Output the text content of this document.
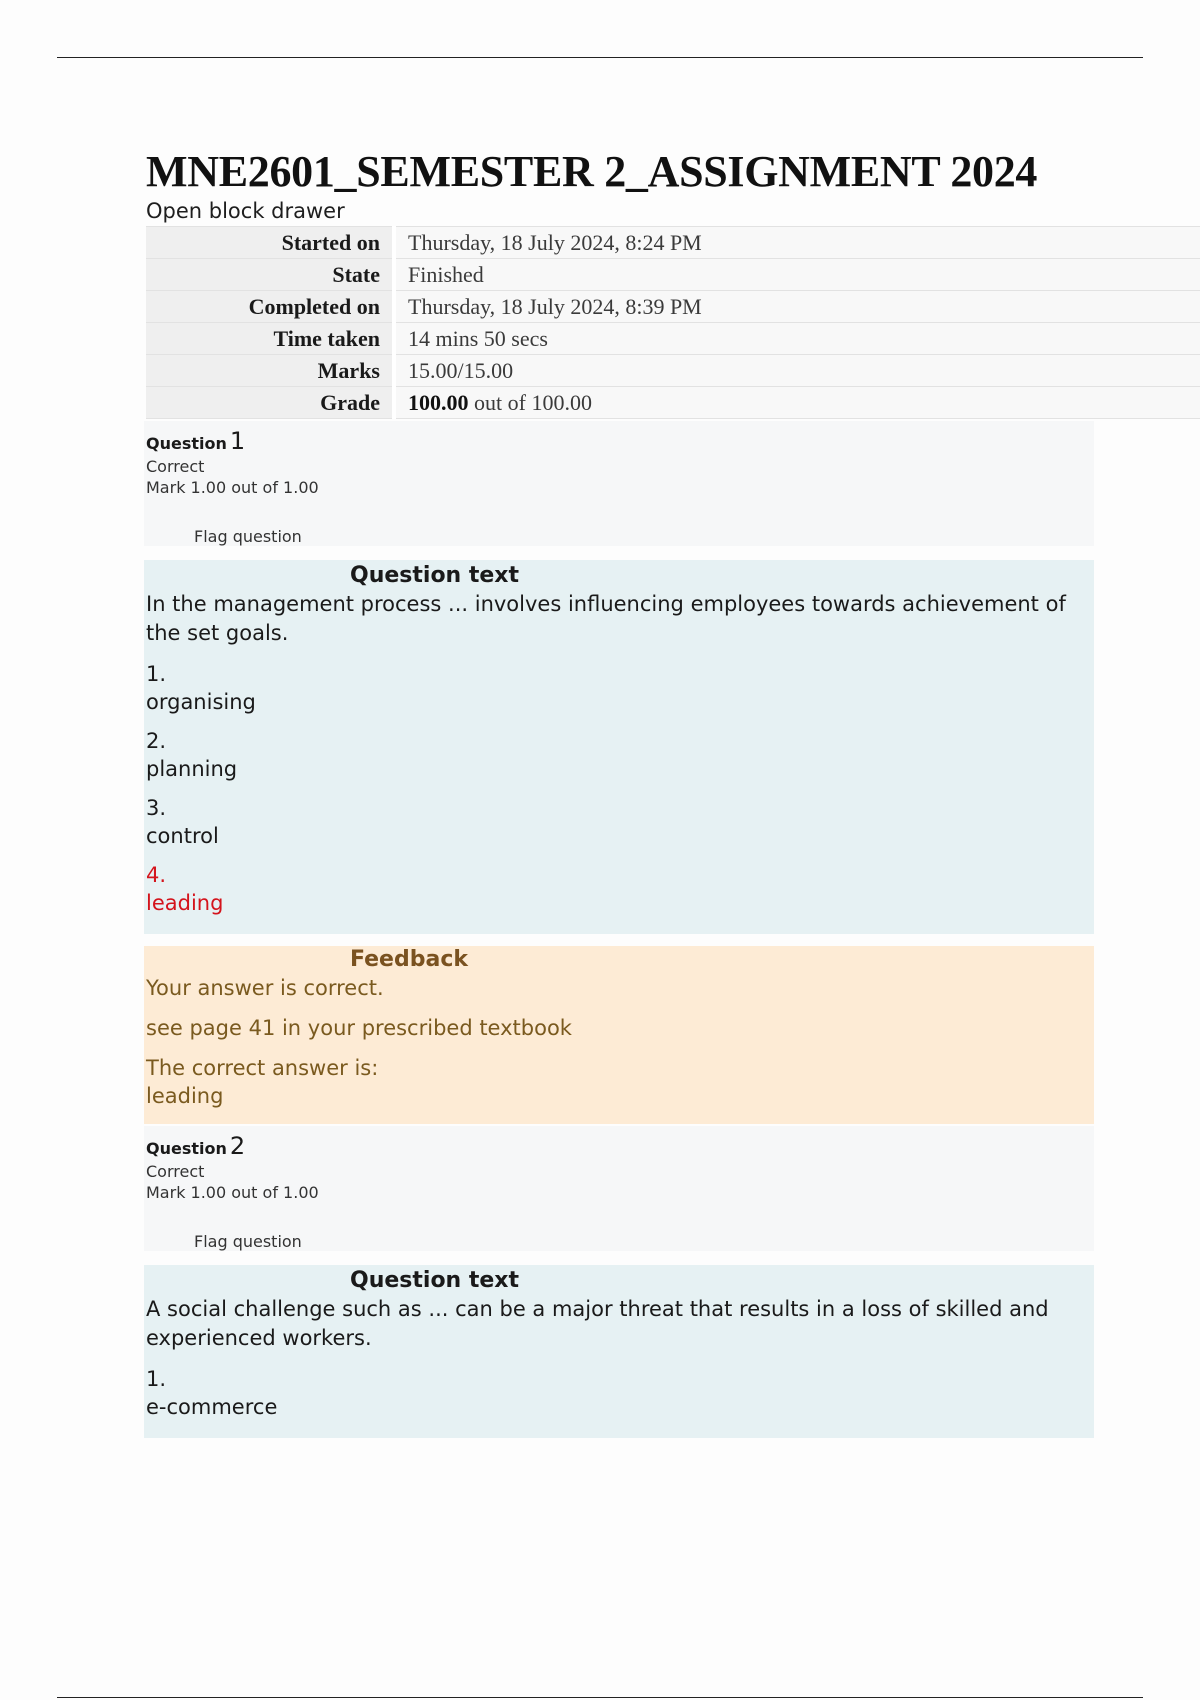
MNE2601_SEMESTER 2_ASSIGNMENT 2024
Open block drawer
Started on	Thursday, 18 July 2024, 8:24 PM
State	Finished
Completed on	Thursday, 18 July 2024, 8:39 PM
Time taken	14 mins 50 secs
Marks	15.00/15.00
Grade	100.00 out of 100.00
Question 1
Correct
Mark 1.00 out of 1.00
Flag question
Question text
In the management process ... involves influencing employees towards achievement of the set goals.
1.
organising
2.
planning
3.
control
4.
leading
Feedback
Your answer is correct.
see page 41 in your prescribed textbook
The correct answer is:
leading
Question 2
Correct
Mark 1.00 out of 1.00
Flag question
Question text
A social challenge such as ... can be a major threat that results in a loss of skilled and experienced workers.
1.
e-commerce
